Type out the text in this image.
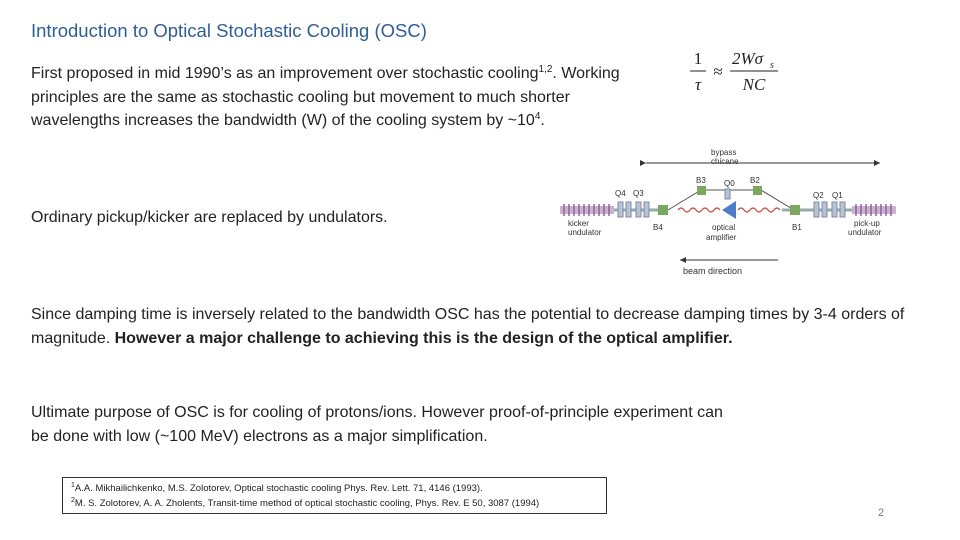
Introduction to Optical Stochastic Cooling (OSC)
First proposed in mid 1990’s as an improvement over stochastic cooling$^{1,2}$. Working principles are the same as stochastic cooling but movement to much shorter wavelengths increases the bandwidth (W) of the cooling system by $\sim 10^4$.
Ordinary pickup/kicker are replaced by undulators.
Since damping time is inversely related to the bandwidth OSC has the potential to decrease damping times by 3-4 orders of magnitude. However a major challenge to achieving this is the design of the optical amplifier.
Ultimate purpose of OSC is for cooling of protons/ions. However proof-of-principle experiment can be done with low (~100 MeV) electrons as a major simplification.
$^1$A.A. Mikhailichkenko, M.S. Zolotorev, Optical stochastic cooling Phys. Rev. Lett. 71, 4146 (1993).
$^2$M. S. Zolotorev, A. A. Zholents, Transit-time method of optical stochastic cooling, Phys. Rev. E 50, 3087 (1994)
2
1
τ
≈
2Wσ s
NC
bypass
chicane
Q4 Q3
B3 Q0 B2
Q2 Q1
kicker
undulator
B4	optical
amplifier
B1	pick-up
undulator
beam direction
